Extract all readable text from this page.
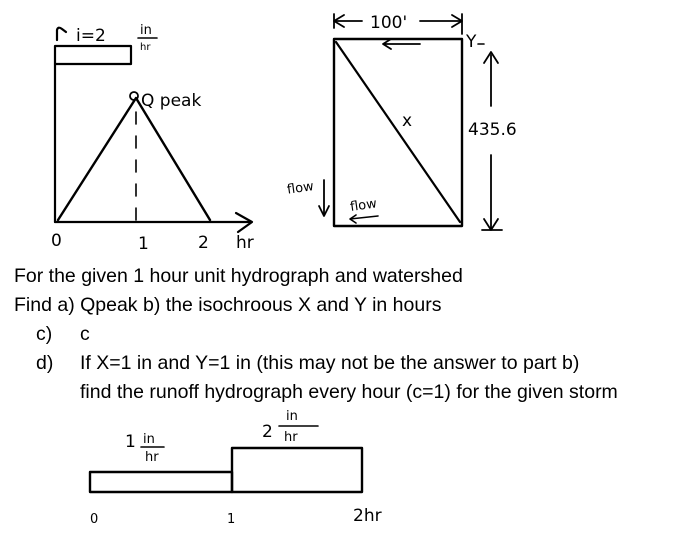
i=2	in
hr
Q peak
0	1	2 hr
100'
Y
x	435.6
flow
flow
1 in
hr
2
in
hr
0	1	2hr
For the given 1 hour unit hydrograph and watershed
Find a) Qpeak b) the isochroous X and Y in hours
c) c
d) If X=1 in and Y=1 in (this may not be the answer to part b)
find the runoff hydrograph every hour (c=1) for the given storm
